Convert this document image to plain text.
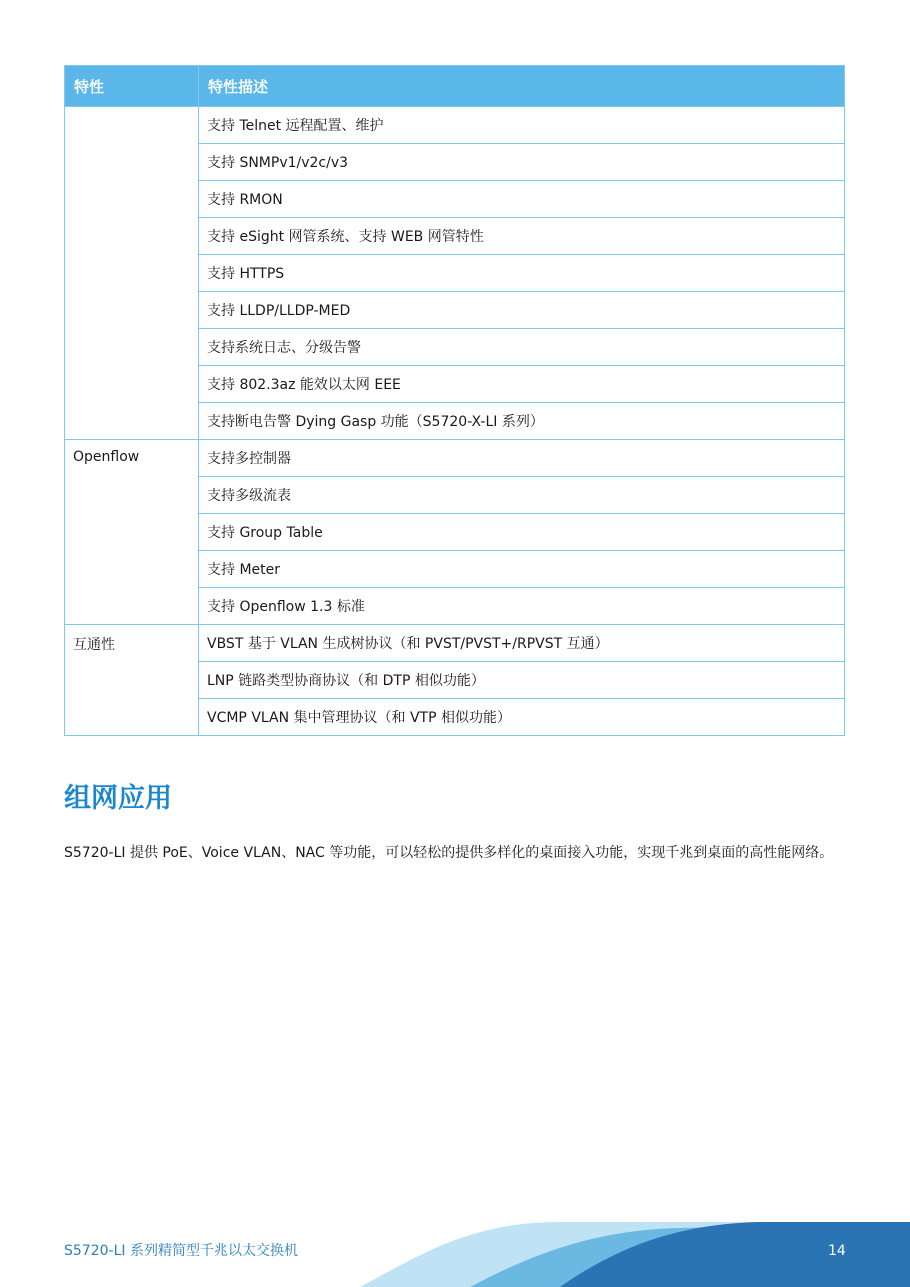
特性	特性描述
	支持 Telnet 远程配置、维护
	支持 SNMPv1/v2c/v3
	支持 RMON
	支持 eSight 网管系统、支持 WEB 网管特性
	支持 HTTPS
	支持 LLDP/LLDP-MED
	支持系统日志、分级告警
	支持 802.3az 能效以太网 EEE
	支持断电告警 Dying Gasp 功能（S5720-X-LI 系列）
Openflow	支持多控制器
	支持多级流表
	支持 Group Table
	支持 Meter
	支持 Openflow 1.3 标准
互通性	VBST 基于 VLAN 生成树协议（和 PVST/PVST+/RPVST 互通）
	LNP 链路类型协商协议（和 DTP 相似功能）
	VCMP VLAN 集中管理协议（和 VTP 相似功能）
组网应用

S5720-LI 提供 PoE、Voice VLAN、NAC 等功能，可以轻松的提供多样化的桌面接入功能，实现千兆到桌面的高性能网络。

S5720-LI 系列精简型千兆以太交换机	14
